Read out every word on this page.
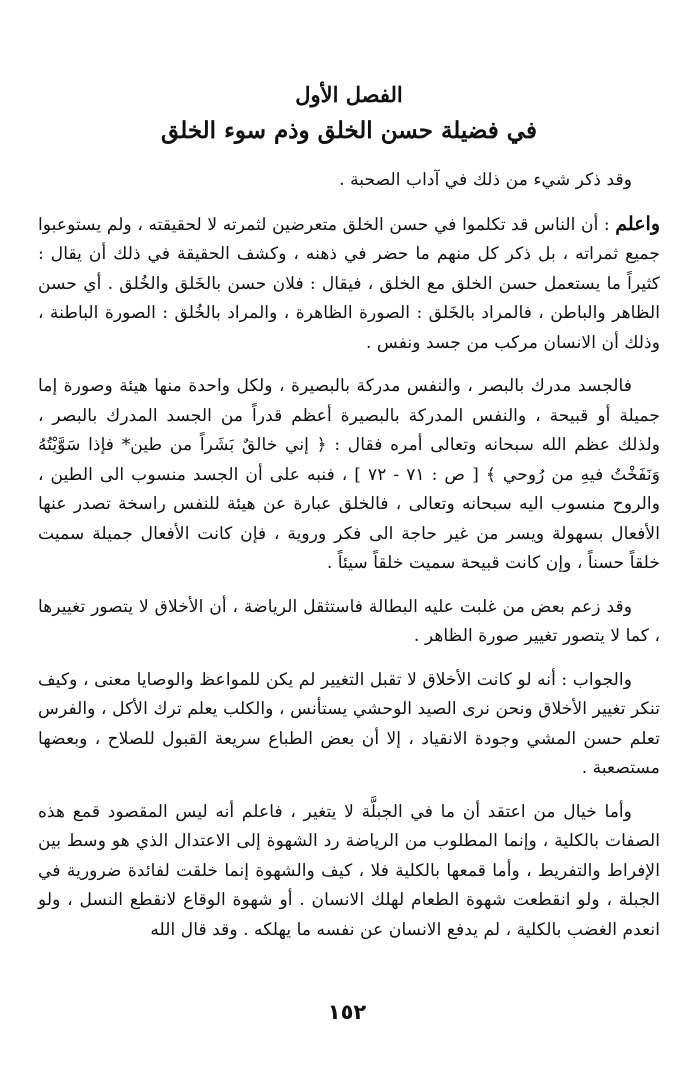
الفصل الأول
في فضيلة حسن الخلق وذم سوء الخلق

وقد ذكر شيء من ذلك في آداب الصحبة .

واعلم : أن الناس قد تكلموا في حسن الخلق متعرضين لثمرته لا لحقيقته ، ولم يستوعبوا جميع ثمراته ، بل ذكر كل منهم ما حضر في ذهنه ، وكشف الحقيقة في ذلك أن يقال : كثيراً ما يستعمل حسن الخلق مع الخلق ، فيقال : فلان حسن بالخَلق والخُلق . أي حسن الظاهر والباطن ، فالمراد بالخَلق : الصورة الظاهرة ، والمراد بالخُلق : الصورة الباطنة ، وذلك أن الانسان مركب من جسد ونفس .

فالجسد مدرك بالبصر ، والنفس مدركة بالبصيرة ، ولكل واحدة منها هيئة وصورة إما جميلة أو قبيحة ، والنفس المدركة بالبصيرة أعظم قدراً من الجسد المدرك بالبصر ، ولذلك عظم الله سبحانه وتعالى أمره فقال : ﴿ إني خالقٌ بَشَراً من طين* فإذا سَوَّيْتُهُ وَنَفَخْتُ فيهِ من رُوحي ﴾ [ ص : ٧١ - ٧٢ ] ، فنبه على أن الجسد منسوب الى الطين ، والروح منسوب اليه سبحانه وتعالى ، فالخلق عبارة عن هيئة للنفس راسخة تصدر عنها الأفعال بسهولة ويسر من غير حاجة الى فكر وروية ، فإن كانت الأفعال جميلة سميت خلقاً حسناً ، وإن كانت قبيحة سميت خلقاً سيئاً .

وقد زعم بعض من غلبت عليه البطالة فاستثقل الرياضة ، أن الأخلاق لا يتصور تغييرها ، كما لا يتصور تغيير صورة الظاهر .

والجواب : أنه لو كانت الأخلاق لا تقبل التغيير لم يكن للمواعظ والوصايا معنى ، وكيف تنكر تغيير الأخلاق ونحن نرى الصيد الوحشي يستأنس ، والكلب يعلم ترك الأكل ، والفرس تعلم حسن المشي وجودة الانقياد ، إلا أن بعض الطباع سريعة القبول للصلاح ، وبعضها مستصعبة .

وأما خيال من اعتقد أن ما في الجبلَّة لا يتغير ، فاعلم أنه ليس المقصود قمع هذه الصفات بالكلية ، وإنما المطلوب من الرياضة رد الشهوة إلى الاعتدال الذي هو وسط بين الإفراط والتفريط ، وأما قمعها بالكلية فلا ، كيف والشهوة إنما خلقت لفائدة ضرورية في الجبلة ، ولو انقطعت شهوة الطعام لهلك الانسان . أو شهوة الوقاع لانقطع النسل ، ولو انعدم الغضب بالكلية ، لم يدفع الانسان عن نفسه ما يهلكه . وقد قال الله

١٥٢
